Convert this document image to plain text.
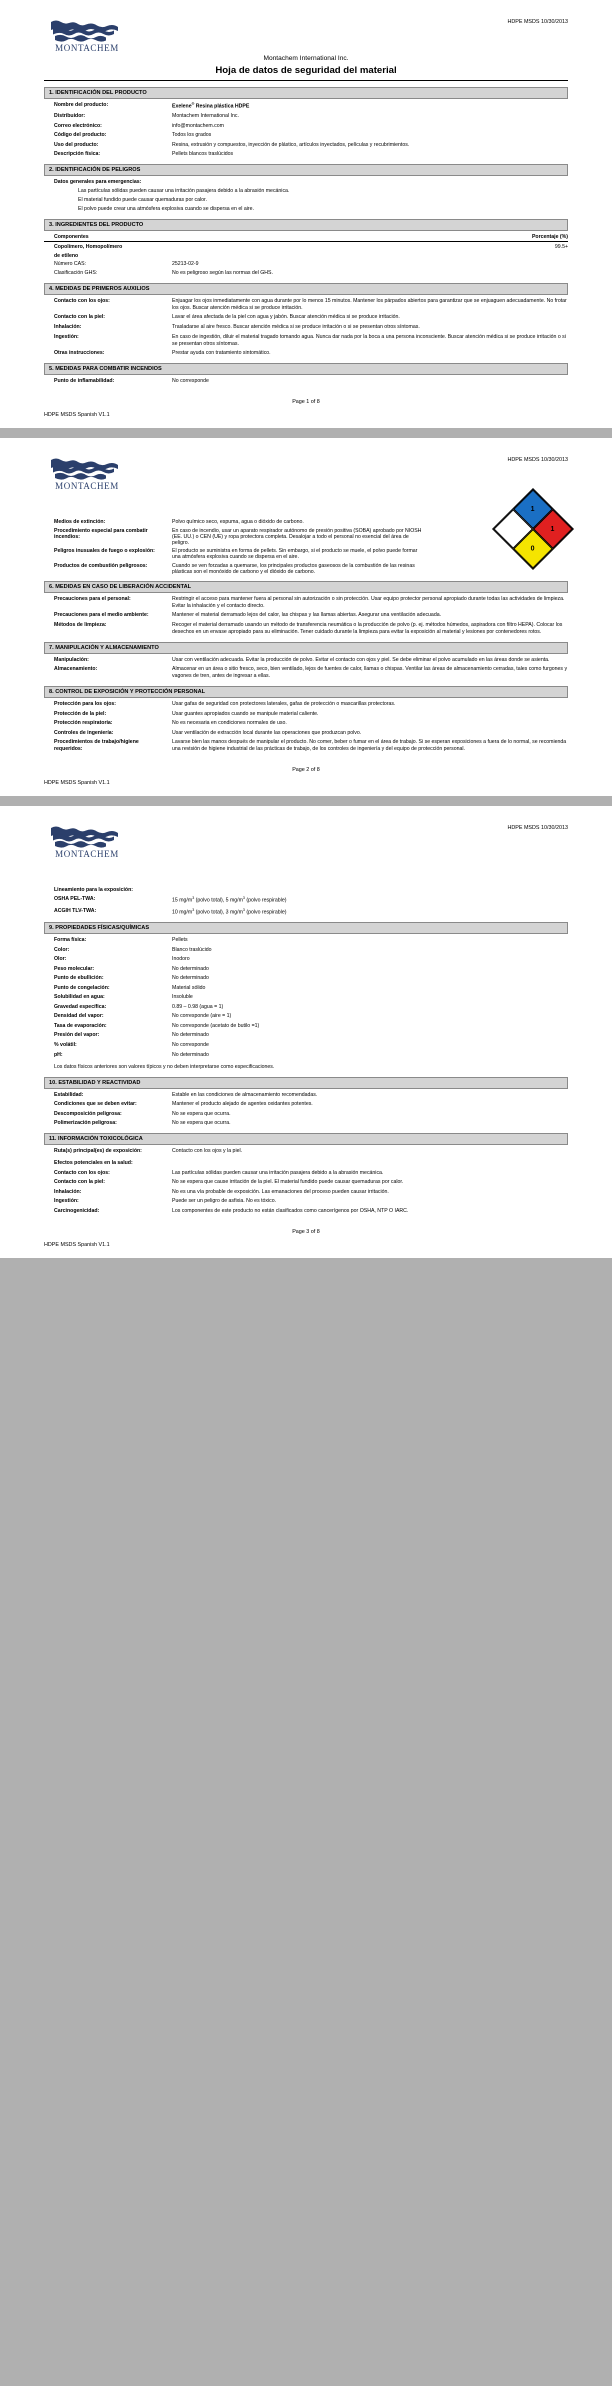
MONTACHEM
HDPE MSDS 10/30/2013
Montachem International Inc.
Hoja de datos de seguridad del material
1. IDENTIFICACIÓN DEL PRODUCTO
Nombre del producto:	Exelene® Resina plástica HDPE
Distribuidor:	Montachem International Inc.
Correo electrónico:	info@montachem.com
Código del producto:	Todos los grados
Uso del producto:	Resina, extrusión y compuestos, inyección de plástico, artículos inyectados, películas y recubrimientos.
Descripción física:	Pellets blancos traslúcidos
2. IDENTIFICACIÓN DE PELIGROS
Datos generales para emergencias:
Las partículas sólidas pueden causar una irritación pasajera debido a la abrasión mecánica.
El material fundido puede causar quemaduras por calor.
El polvo puede crear una atmósfera explosiva cuando se dispersa en el aire.
3. INGREDIENTES DEL PRODUCTO
Componentes	Porcentaje (%)
Copolímero, Homopolímero	99.5+
de etileno
Número CAS:	25213-02-9
Clasificación GHS:	No es peligroso según las normas del GHS.
4. MEDIDAS DE PRIMEROS AUXILIOS
Contacto con los ojos:	Enjuagar los ojos inmediatamente con agua durante por lo menos 15 minutos. Mantener los párpados abiertos para garantizar que se enjuaguen adecuadamente. No frotar los ojos. Buscar atención médica si se produce irritación.
Contacto con la piel:	Lavar el área afectada de la piel con agua y jabón. Buscar atención médica si se produce irritación.
Inhalación:	Trasladarse al aire fresco. Buscar atención médica si se produce irritación o si se presentan otros síntomas.
Ingestión:	En caso de ingestión, diluir el material tragado tomando agua. Nunca dar nada por la boca a una persona inconsciente. Buscar atención médica si se produce irritación o si se presentan otros síntomas.
Otras instrucciones:	Prestar ayuda con tratamiento sintomático.
5. MEDIDAS PARA COMBATIR INCENDIOS
Punto de inflamabilidad:	No corresponde
Page 1 of 8
HDPE MSDS Spanish V1.1
MONTACHEM
HDPE MSDS 10/30/2013
1
1
0
Medios de extinción:	Polvo químico seco, espuma, agua o dióxido de carbono.
Procedimiento especial para combatir incendios:
En caso de incendio, usar un aparato respirador autónomo de presión positiva (SOBA) aprobado por NIOSH (EE. UU.) o CEN (UE) y ropa protectora completa. Desalojar a todo el personal no esencial del área de peligro.
Peligros inusuales de fuego o explosión:	El producto se suministra en forma de pellets. Sin embargo, si el producto se muele, el polvo puede formar una atmósfera explosiva cuando se dispersa en el aire.
Productos de combustión peligrosos:	Cuando se ven forzadas a quemarse, los principales productos gaseosos de la combustión de las resinas plásticas son el monóxido de carbono y el dióxido de carbono.
6. MEDIDAS EN CASO DE LIBERACIÓN ACCIDENTAL
Precauciones para el personal:	Restringir el acceso para mantener fuera al personal sin autorización o sin protección. Usar equipo protector personal apropiado durante todas las actividades de limpieza. Evitar la inhalación y el contacto directo.
Precauciones para el medio ambiente:	Mantener el material derramado lejos del calor, las chispas y las llamas abiertas. Asegurar una ventilación adecuada.
Métodos de limpieza:	Recoger el material derramado usando un método de transferencia neumática o la producción de polvo (p. ej. métodos húmedos, aspiradora con filtro HEPA). Colocar los desechos en un envase apropiado para su eliminación. Tener cuidado durante la limpieza para evitar la exposición al material y lesiones por contenedores rotos.
7. MANIPULACIÓN Y ALMACENAMIENTO
Manipulación:	Usar con ventilación adecuada. Evitar la producción de polvo. Evitar el contacto con ojos y piel. Se debe eliminar el polvo acumulado en las áreas donde se asienta.
Almacenamiento:	Almacenar en un área o sitio fresco, seco, bien ventilado, lejos de fuentes de calor, llamas o chispas. Ventilar las áreas de almacenamiento cerradas, tales como furgones y vagones de tren, antes de ingresar a ellas.
8. CONTROL DE EXPOSICIÓN Y PROTECCIÓN PERSONAL
Protección para los ojos:	Usar gafas de seguridad con protectores laterales, gafas de protección o mascarillas protectoras.
Protección de la piel:	Usar guantes apropiados cuando se manipule material caliente.
Protección respiratoria:	No es necesaria en condiciones normales de uso.
Controles de ingeniería:	Usar ventilación de extracción local durante las operaciones que produzcan polvo.
Procedimientos de trabajo/higiene requeridos:
Lavarse bien las manos después de manipular el producto. No comer, beber o fumar en el área de trabajo. Si se esperan exposiciones a fuera de lo normal, se recomienda una revisión de higiene industrial de las prácticas de trabajo, de los controles de ingeniería y del equipo de protección personal.
Page 2 of 8
HDPE MSDS Spanish V1.1
MONTACHEM
HDPE MSDS 10/30/2013
Lineamiento para la exposición:
OSHA PEL-TWA:	15 $mg/m^3$ (polvo total), 5 $mg/m^3$ (polvo respirable)
ACGIH TLV-TWA:	10 $mg/m^3$ (polvo total), 3 $mg/m^3$ (polvo respirable)
9. PROPIEDADES FÍSICAS/QUÍMICAS
Forma física:	Pellets
Color:	Blanco traslúcido
Olor:	Inodoro
Peso molecular:	No determinado
Punto de ebullición:	No determinado
Punto de congelación:	Material sólido
Solubilidad en agua:	Insoluble
Gravedad específica:	0.89 – 0.98 (agua = 1)
Densidad del vapor:	No corresponde (aire = 1)
Tasa de evaporación:	No corresponde (acetato de butilo =1)
Presión del vapor:	No determinado
% volátil:	No corresponde
pH:	No determinado
Los datos físicos anteriores son valores típicos y no deben interpretarse como especificaciones.
10. ESTABILIDAD Y REACTIVIDAD
Estabilidad:	Estable en las condiciones de almacenamiento recomendadas.
Condiciones que se deben evitar:	Mantener el producto alejado de agentes oxidantes potentes.
Descomposición peligrosa:	No se espera que ocurra.
Polimerización peligrosa:	No se espera que ocurra.
11. INFORMACIÓN TOXICOLÓGICA
Ruta(s) principal(es) de exposición:	Contacto con los ojos y la piel.
Efectos potenciales en la salud:
Contacto con los ojos:	Las partículas sólidas pueden causar una irritación pasajera debido a la abrasión mecánica.
Contacto con la piel:	No se espera que cause irritación de la piel. El material fundido puede causar quemaduras por calor.
Inhalación:	No es una vía probable de exposición. Las emanaciones del proceso pueden causar irritación.
Ingestión:	Puede ser un peligro de asfixia. No es tóxico.
Carcinogenicidad:	Los componentes de este producto no están clasificados como cancerígenos por OSHA, NTP O IARC.
Page 3 of 8
HDPE MSDS Spanish V1.1
